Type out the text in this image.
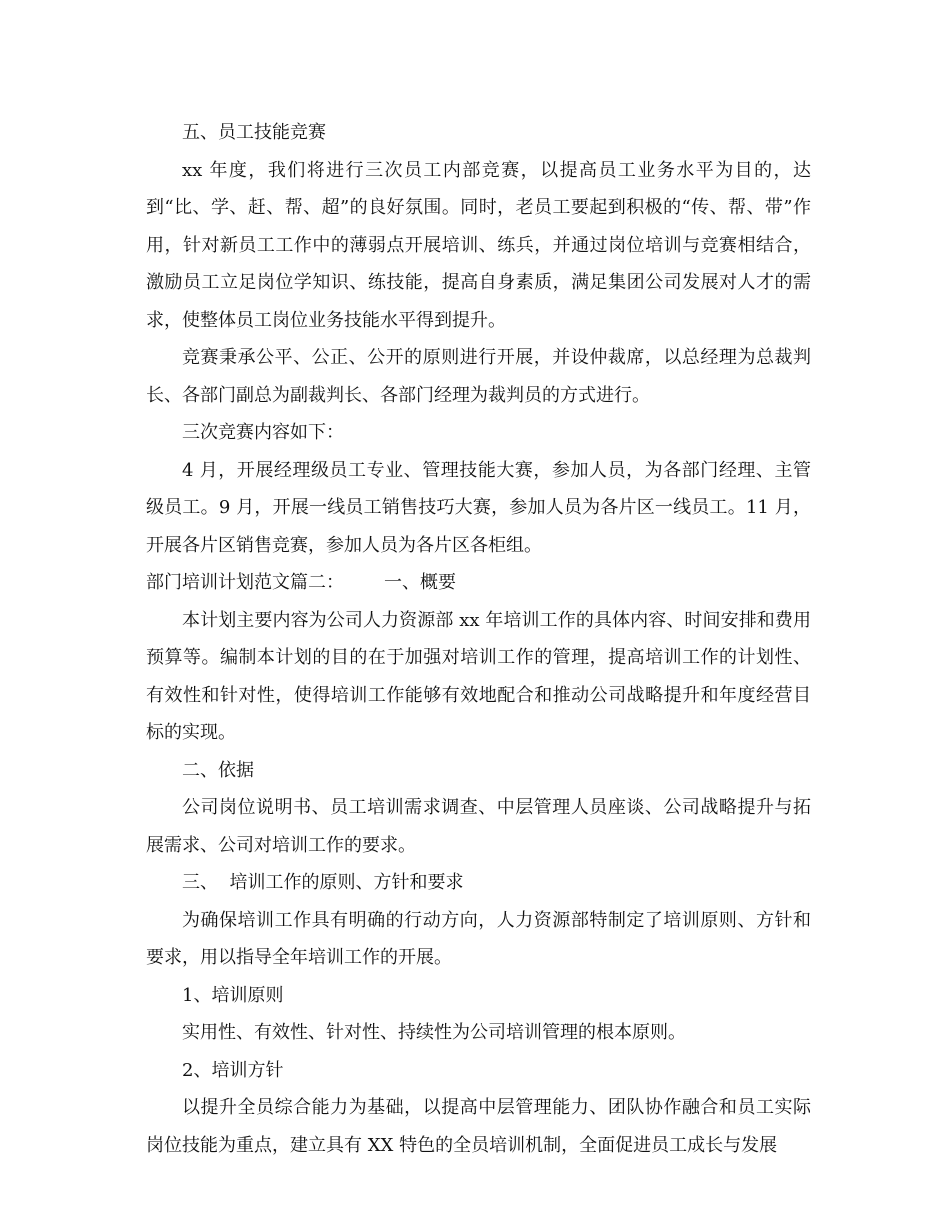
五、员工技能竞赛

xx 年度，我们将进行三次员工内部竞赛，以提高员工业务水平为目的，达到“比、学、赶、帮、超”的良好氛围。同时，老员工要起到积极的“传、帮、带”作用，针对新员工工作中的薄弱点开展培训、练兵，并通过岗位培训与竞赛相结合，激励员工立足岗位学知识、练技能，提高自身素质，满足集团公司发展对人才的需求，使整体员工岗位业务技能水平得到提升。

竞赛秉承公平、公正、公开的原则进行开展，并设仲裁席，以总经理为总裁判长、各部门副总为副裁判长、各部门经理为裁判员的方式进行。

三次竞赛内容如下：

4 月，开展经理级员工专业、管理技能大赛，参加人员，为各部门经理、主管级员工。9 月，开展一线员工销售技巧大赛，参加人员为各片区一线员工。11 月，开展各片区销售竞赛，参加人员为各片区各柜组。

部门培训计划范文篇二： 一、概要

本计划主要内容为公司人力资源部 xx 年培训工作的具体内容、时间安排和费用预算等。编制本计划的目的在于加强对培训工作的管理，提高培训工作的计划性、有效性和针对性，使得培训工作能够有效地配合和推动公司战略提升和年度经营目标的实现。

二、依据

公司岗位说明书、员工培训需求调查、中层管理人员座谈、公司战略提升与拓展需求、公司对培训工作的要求。

三、  培训工作的原则、方针和要求

为确保培训工作具有明确的行动方向，人力资源部特制定了培训原则、方针和要求，用以指导全年培训工作的开展。

1、培训原则

实用性、有效性、针对性、持续性为公司培训管理的根本原则。

2、培训方针

以提升全员综合能力为基础，以提高中层管理能力、团队协作融合和员工实际岗位技能为重点，建立具有 XX 特色的全员培训机制，全面促进员工成长与发展
